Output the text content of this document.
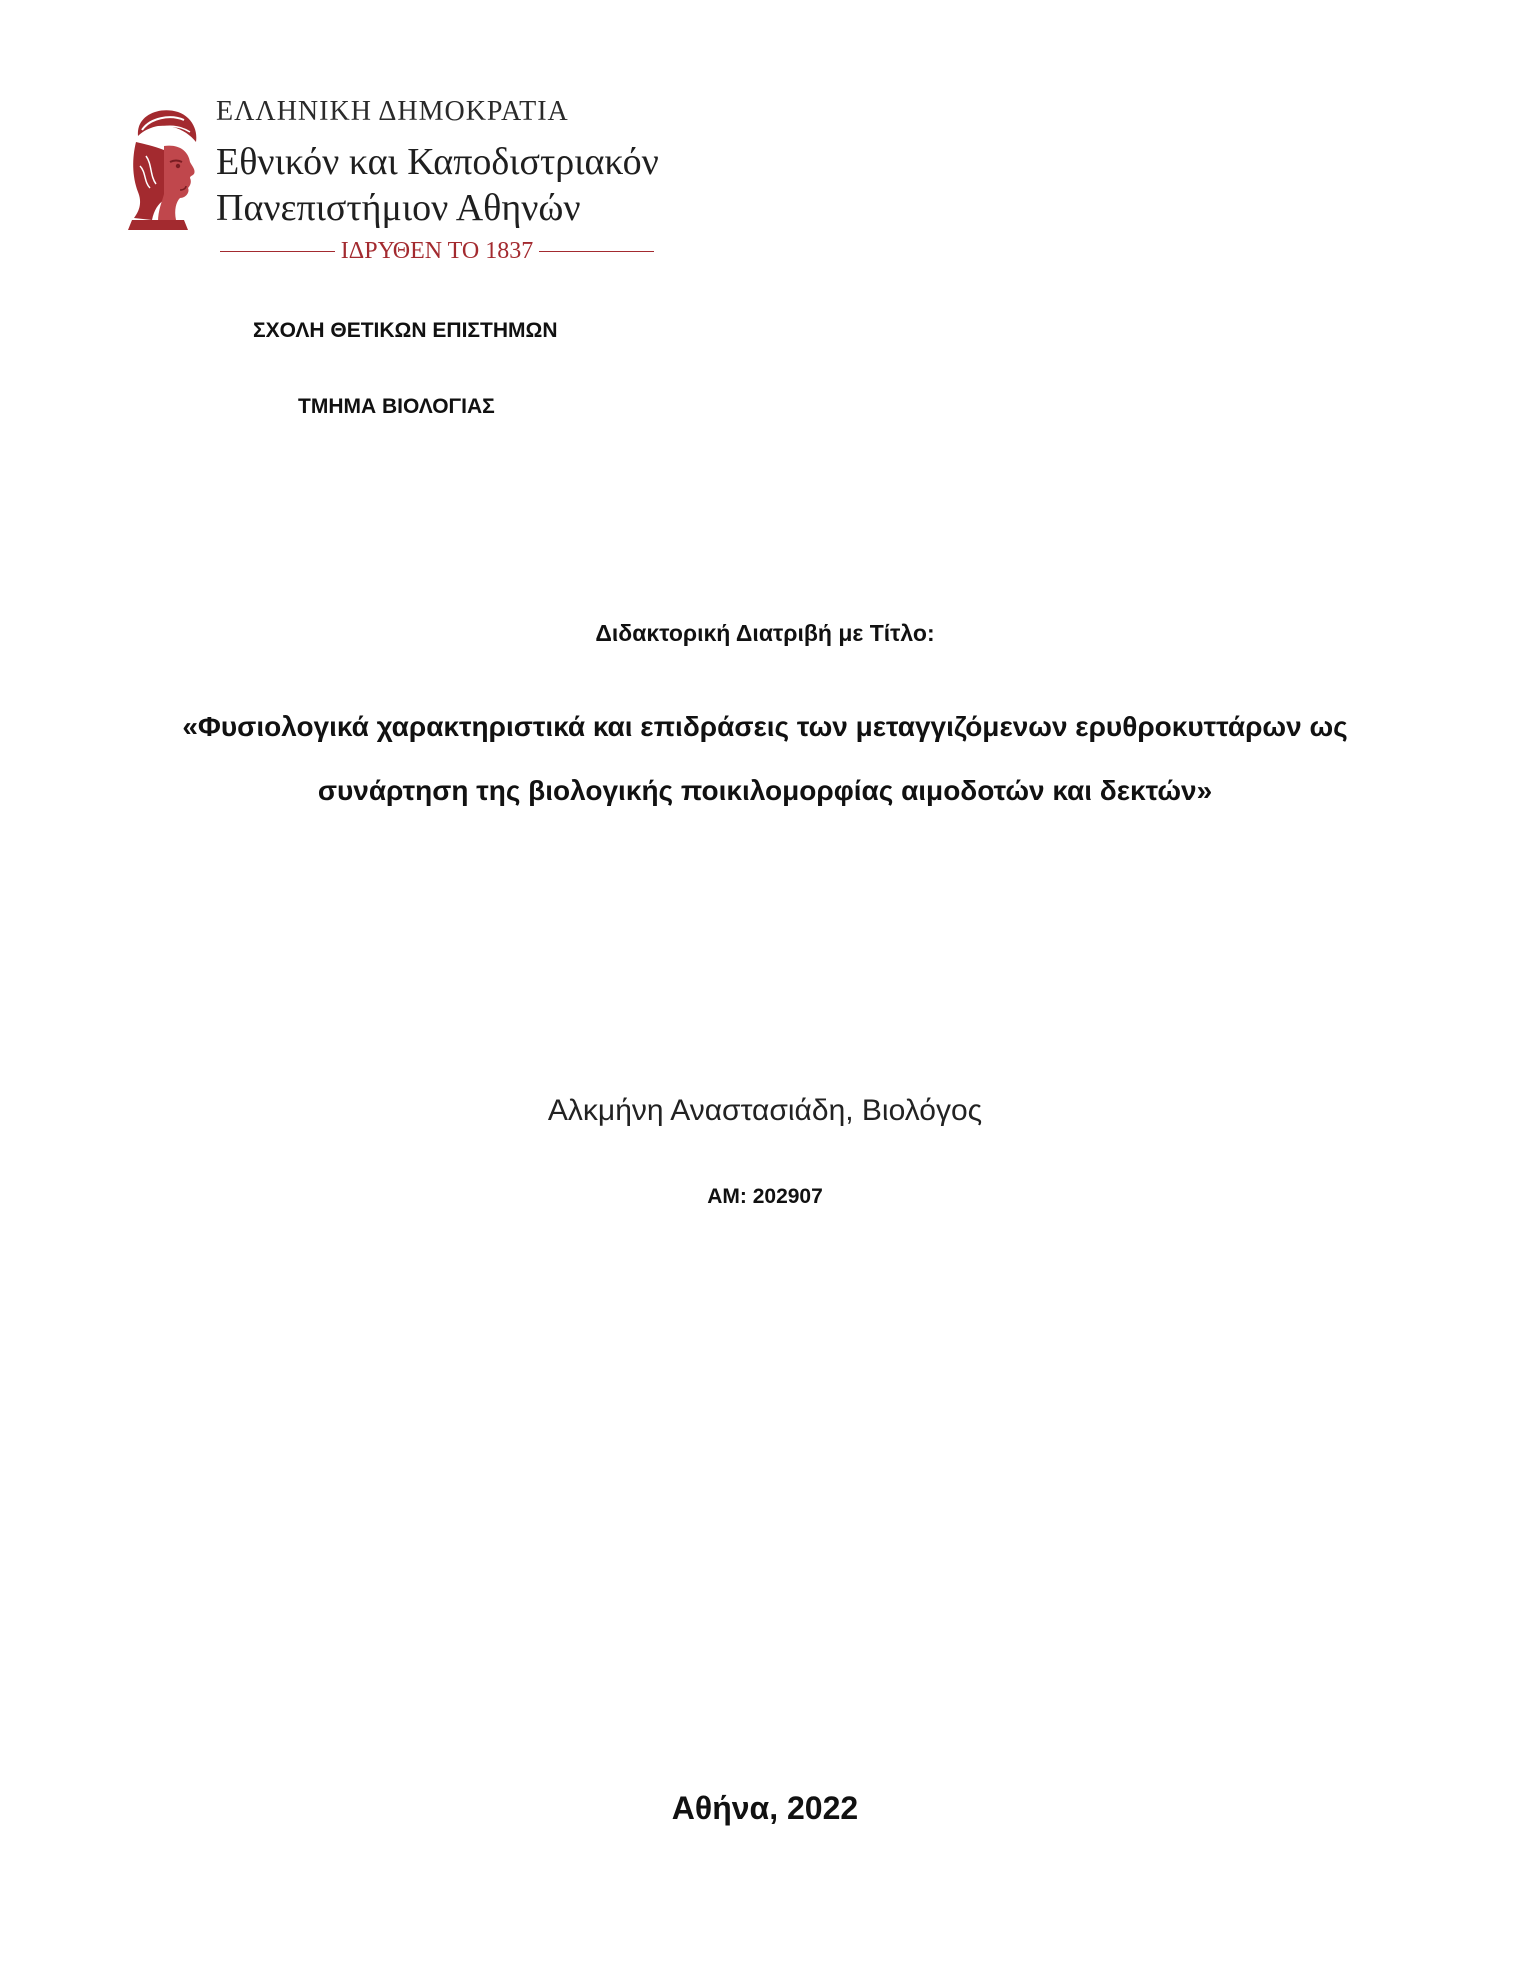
ΕΛΛΗΝΙΚΗ ΔΗΜΟΚΡΑΤΙΑ
Εθνικόν και Καποδιστριακόν
Πανεπιστήμιον Αθηνών
ΙΔΡΥΘΕΝ ΤΟ 1837
ΣΧΟΛΗ ΘΕΤΙΚΩΝ ΕΠΙΣΤΗΜΩΝ
ΤΜΗΜΑ ΒΙΟΛΟΓΙΑΣ
Διδακτορική Διατριβή με Τίτλο:
«Φυσιολογικά χαρακτηριστικά και επιδράσεις των μεταγγιζόμενων ερυθροκυττάρων ως συνάρτηση της βιολογικής ποικιλομορφίας αιμοδοτών και δεκτών»
Αλκμήνη Αναστασιάδη, Βιολόγος
ΑΜ: 202907
Αθήνα, 2022
